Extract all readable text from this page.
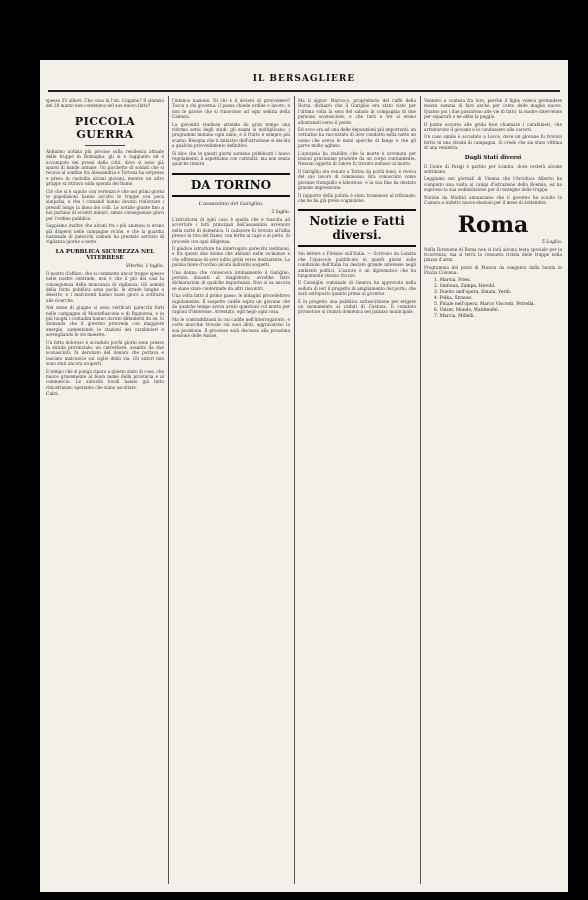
IL BERSAGLIERE

spesso 25 allievi. Che cosa fa l'on. Coppino? Il silenzio del 28 marzo non conteneva nel suo nuovo fatto?

PICCOLA GUERRA

Abbiamo notizia più precise sulla residenza attuale delle truppe in Romagna, gli si è raggiunto ed è accampato nei pressi della città, dove si sono già sparsi di bande armate. Un picchetto di soldati che si recava al confine tra Alessandria e Tortona ha sorpreso e preso in custodia alcuni giovani, mentre un altro gruppo si ritirava sulla sponda del fiume.

Ciò che si è saputo con certezza è che nei primi giorni le popolazioni hanno accolto le truppe con poca simpatia, e che i comandi hanno dovuto rinforzare i presidî lungo la linea dei colli. Le notizie giunte fino a noi parlano di scontri minori, senza conseguenze gravi per l'ordine pubblico.

Sappiamo inoltre che alcuni fra i più animosi si erano già dispersi nelle campagne vicine, e che la guardia nazionale di parecchi comuni ha prestato servizio di vigilanza giorno e notte.

LA PUBBLICA SICUREZZA NEL VITERBESE
Viterbo, 1 luglio.

Il nostro d'affare, che si commette ancor troppo spesso nelle nostre contrade, non è che il più dei casi la conseguenza della mancanza di vigilanza. Gli uomini della forza pubblica sono pochi, le strade lunghe e deserte, e i malviventi hanno buon gioco a sottrarsi alle ricerche.

Nel mese di giugno si sono verificati parecchi furti nelle campagne di Montefiascone e di Bagnorea, e in più luoghi i contadini hanno dovuto difendersi da sé. Si domanda che il governo provveda con maggiore energia, aumentando le stazioni dei carabinieri e sorvegliando le vie maestre.

Un fatto doloroso è accaduto pochi giorni sono presso la strada provinciale: un carrettiere, assalito da due sconosciuti, fu derubato del denaro che portava e lasciato malconcio sul ciglio della via. Gli autori non sono stati ancora scoperti.

È tempo che si ponga riparo a questo stato di cose, che nuoce gravemente al buon nome della provincia e al commercio. Le autorità locali hanno già fatto rimostranze; speriamo che siano ascoltate.

Calvi.

l'infelice nazione. Di chi è il dovere di provvedere? Tocca a chi governa: il paese chiede ordine e lavoro, e non le parole che si rinnovano ad ogni seduta della Camera.

La gioventù studiosa attende da gran tempo una riforma seria degli studi; gli esami si moltiplicano, i programmi mutano ogni anno, e il frutto è sempre più scarso. Bisogna che il ministro dell'istruzione si decida a qualche provvedimento definitivo.

Si dice che in questi giorni saranno pubblicati i nuovi regolamenti; li aspettiamo con curiosità, ma non senza qualche timore.

DA TORINO
L'assassinio del Garigliio.
2 luglio.

L'istruttoria di ogni caso è quella che è riuscita ad accertare i fatti principali dell'assassinio avvenuto nella notte di domenica. Il cadavere fu trovato all'alba presso la riva del fiume, con ferite al capo e al petto. Si procede con ogni diligenza.

Il giudice istruttore ha interrogato parecchi testimoni, e fra questi due donne che abitano nelle vicinanze e che affermano di aver udito grida verso mezzanotte. La polizia tiene d'occhio alcuni individui sospetti.

Una donna che conosceva intimamente il Garigliio, portata davanti al magistrato, avrebbe fatto dichiarazioni di qualche importanza. Non si sa ancora se siano state confermate da altri riscontri.

Una volta fatto il primo passo, le indagini procedettero rapidamente. Il sospetto cadde sopra un giovane che da qualche tempo aveva avuto questioni col morto per ragioni d'interesse. Arrestato, egli negò ogni cosa.

Ma le contraddizioni in cui cadde nell'interrogatorio, e certe macchie trovate sui suoi abiti, aggravarono la sua posizione. Il processo sarà discusso alla prossima sessione delle Assise.

Ma il signor Marocco, proprietario del caffè della Borsa, dichiarò che il Garigliio era stato visto per l'ultima volta la sera del sabato in compagnia di due persone sconosciute, e che tutti e tre si erano allontanati verso il ponte.

Ed ecco ora ad una delle deposizioni più importanti: un vetturino ha raccontato di aver condotto nella notte un uomo che aveva le mani sporche di fango e che gli parve molto agitato.

L'autopsia ha stabilito che la morte è avvenuta per lesioni gravissime prodotte da un corpo contundente. Nessun oggetto di valore fu trovato indosso al morto.

Il Garigliio era venuto a Torino da pochi mesi, e viveva del suo lavoro di commesso. Era conosciuto come giovane tranquillo e laborioso, e la sua fine ha destato grande impressione.

Il rapporto della polizia è stato trasmesso al tribunale, che ne ha già preso cognizione.

Notizie e Fatti diversi.

Sei lettere a Firenze sull'Italia. — Scrivono da Londra che l'opuscolo pubblicato in questi giorni sulle condizioni dell'Italia ha destato grande interesse negli ambienti politici. L'autore è un diplomatico che ha lungamente vissuto fra noi.

Il Consiglio comunale di Genova ha approvato nella seduta di ieri il progetto di ampliamento del porto, che sarà sottoposto quanto prima al governo.

È in progetto una pubblica sottoscrizione per erigere un monumento ai caduti di Custoza. Il comitato promotore si riunirà domenica nel palazzo municipale.

Vennero a contesa fra loro, perché il figlio voleva pretendere mezza somma di fare anche per conto delle maglie nuove. Quanto poi i due passarono alle vie di fatto, la madre intervenne per separarli e ne ebbe la peggio.

Il padre accorso alle grida fece chiamare i carabinieri, che arrestarono il giovane e lo condussero alle carceri.

Un caso simile è accaduto a Lecce, dove un giovane fu trovato ferito in una strada di campagna. Si crede che sia stato vittima di una vendetta.

Dagli Stati diversi

Il Conte di Parigi è partito per Londra, dove resterà alcune settimane.

Leggiamo nei giornali di Vienna che l'Arciduca Alberto ha compiuto una visita ai campi d'istruzione della Boemia, ed ha espresso la sua soddisfazione per il contegno delle truppe.

Notizie da Madrid annunziano che il governo ha sciolto la Camera e indetto nuove elezioni per il mese di settembre.

Roma
5 Luglio.

Nella Direzione di Roma non si farà alcuna festa speciale per la ricorrenza, ma si terrà la consueta rivista delle truppe nella piazza d'armi.

Programma dei pezzi di Musica da eseguirsi dalla banda in Piazza Colonna:

1. Marcia, Fries.
2. Sinfonia, Zampa, Herold.
3. Duetto nell'opera, Emani, Verdi.
4. Polka, Strauss.
5. Finale nell'opera, Marco Visconti, Petrella.
6. Valzer, Mondo, Waldteufel.
7. Marcia, Millelli.
